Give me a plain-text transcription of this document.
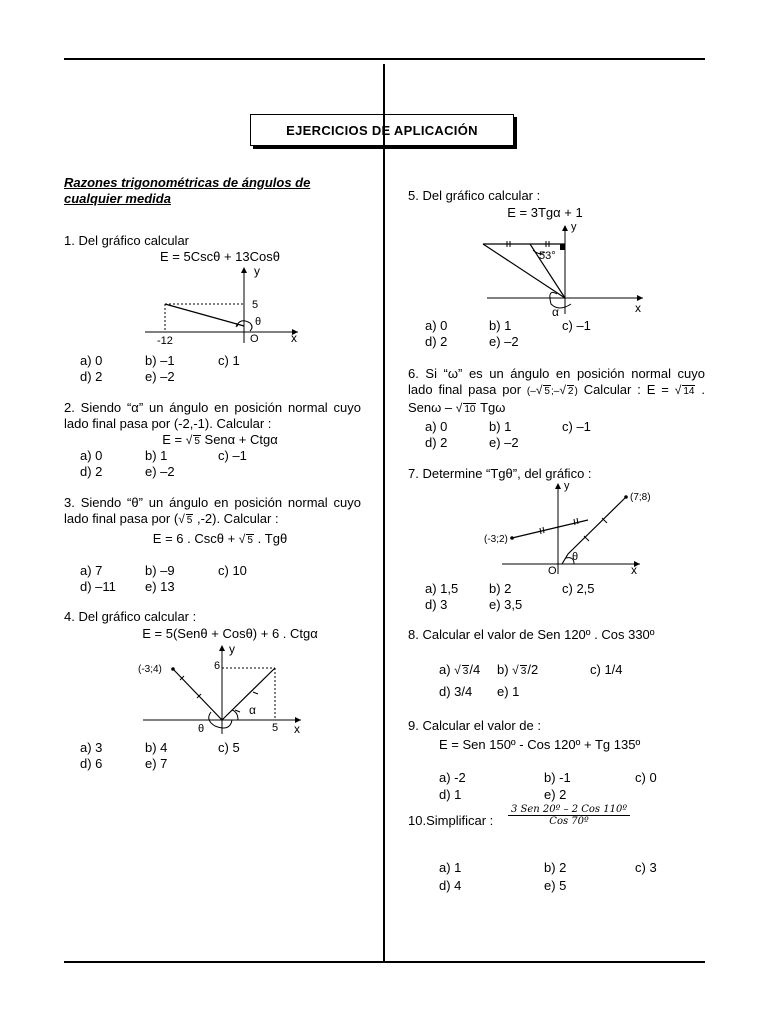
EJERCICIOS DE APLICACIÓN
Razones trigonométricas de ángulos de cualquier medida
1. Del gráfico calcular
E = 5Cscθ + 13Cosθ
y
x
5
θ
-12	O
a) 0	b) –1	c) 1
d) 2	e) –2
2. Siendo “α” un ángulo en posición normal cuyo lado final pasa por (-2,-1). Calcular :
E = √ 5 Senα + Ctgα
a) 0	b) 1	c) –1
d) 2	e) –2
3. Siendo “θ” un ángulo en posición normal cuyo lado final pasa por (√ 5 ,-2). Calcular :
E = 6 . Cscθ + √ 5 . Tgθ
a) 7	b) –9	c) 10
d) –11 e) 13
4. Del gráfico calcular :
E = 5(Senθ + Cosθ) + 6 . Ctgα
y
x
(-3;4)	6
α
θ	5
a) 3	b) 4	c) 5
d) 6	e) 7
5. Del gráfico calcular :
E = 3Tgα + 1
y
x
53°
α
a) 0	b) 1	c) –1
d) 2	e) –2
6. Si “ω” es un ángulo en posición normal cuyo lado final pasa por (–√ 5;–√ 2) Calcular : E = √ 14 . Senω – √ 10 Tgω
a) 0	b) 1	c) –1
d) 2	e) –2
7. Determine “Tgθ”, del gráfico :
y
x
(7;8)
(-3;2)
θ
O
a) 1,5 b) 2	c) 2,5
d) 3	e) 3,5
8. Calcular el valor de Sen 120º . Cos 330º
a) √ 3/4 b) √ 3/2	c) 1/4
d) 3/4 e) 1
9. Calcular el valor de :
E = Sen 150º - Cos 120º + Tg 135º
a) -2	b) -1	c) 0
d) 1	e) 2
10.Simplificar :
3 Sen 20º – 2 Cos 110º
Cos 70º
a) 1	b) 2	c) 3
d) 4	e) 5
